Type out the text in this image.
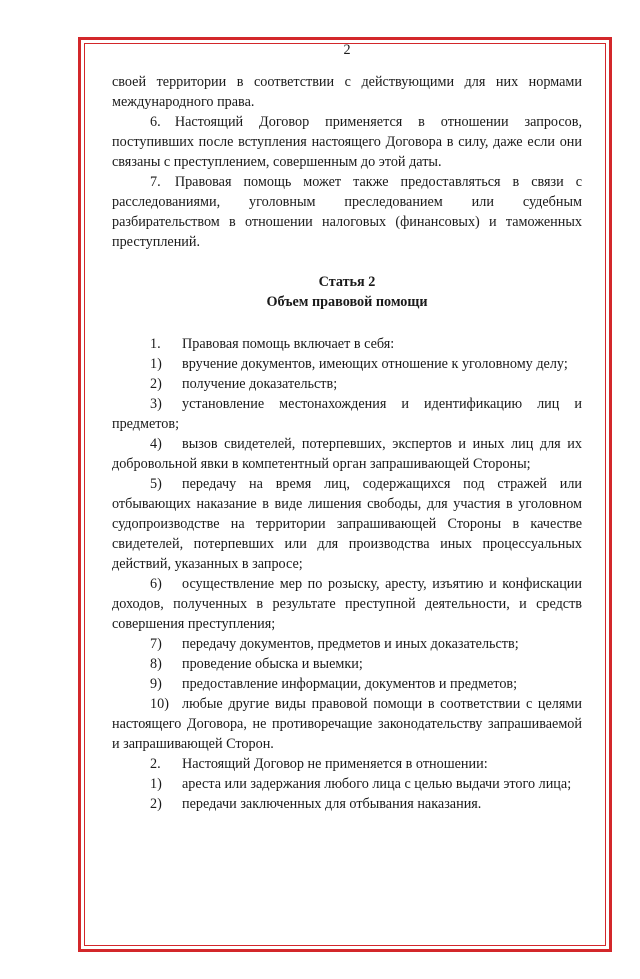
2

своей территории в соответствии с действующими для них нормами международного права.

6. Настоящий Договор применяется в отношении запросов, поступивших после вступления настоящего Договора в силу, даже если они связаны с преступлением, совершенным до этой даты.

7. Правовая помощь может также предоставляться в связи с расследованиями, уголовным преследованием или судебным разбирательством в отношении налоговых (финансовых) и таможенных преступлений.

Статья 2
Объем правовой помощи
1. Правовая помощь включает в себя:
1) вручение документов, имеющих отношение к уголовному делу;
2) получение доказательств;
3) установление местонахождения и идентификацию лиц и предметов;
4) вызов свидетелей, потерпевших, экспертов и иных лиц для их добровольной явки в компетентный орган запрашивающей Стороны;
5) передачу на время лиц, содержащихся под стражей или отбывающих наказание в виде лишения свободы, для участия в уголовном судопроизводстве на территории запрашивающей Стороны в качестве свидетелей, потерпевших или для производства иных процессуальных действий, указанных в запросе;
6) осуществление мер по розыску, аресту, изъятию и конфискации доходов, полученных в результате преступной деятельности, и средств совершения преступления;
7) передачу документов, предметов и иных доказательств;
8) проведение обыска и выемки;
9) предоставление информации, документов и предметов;
10) любые другие виды правовой помощи в соответствии с целями настоящего Договора, не противоречащие законодательству запрашиваемой и запрашивающей Сторон.
2. Настоящий Договор не применяется в отношении:
1) ареста или задержания любого лица с целью выдачи этого лица;
2) передачи заключенных для отбывания наказания.
